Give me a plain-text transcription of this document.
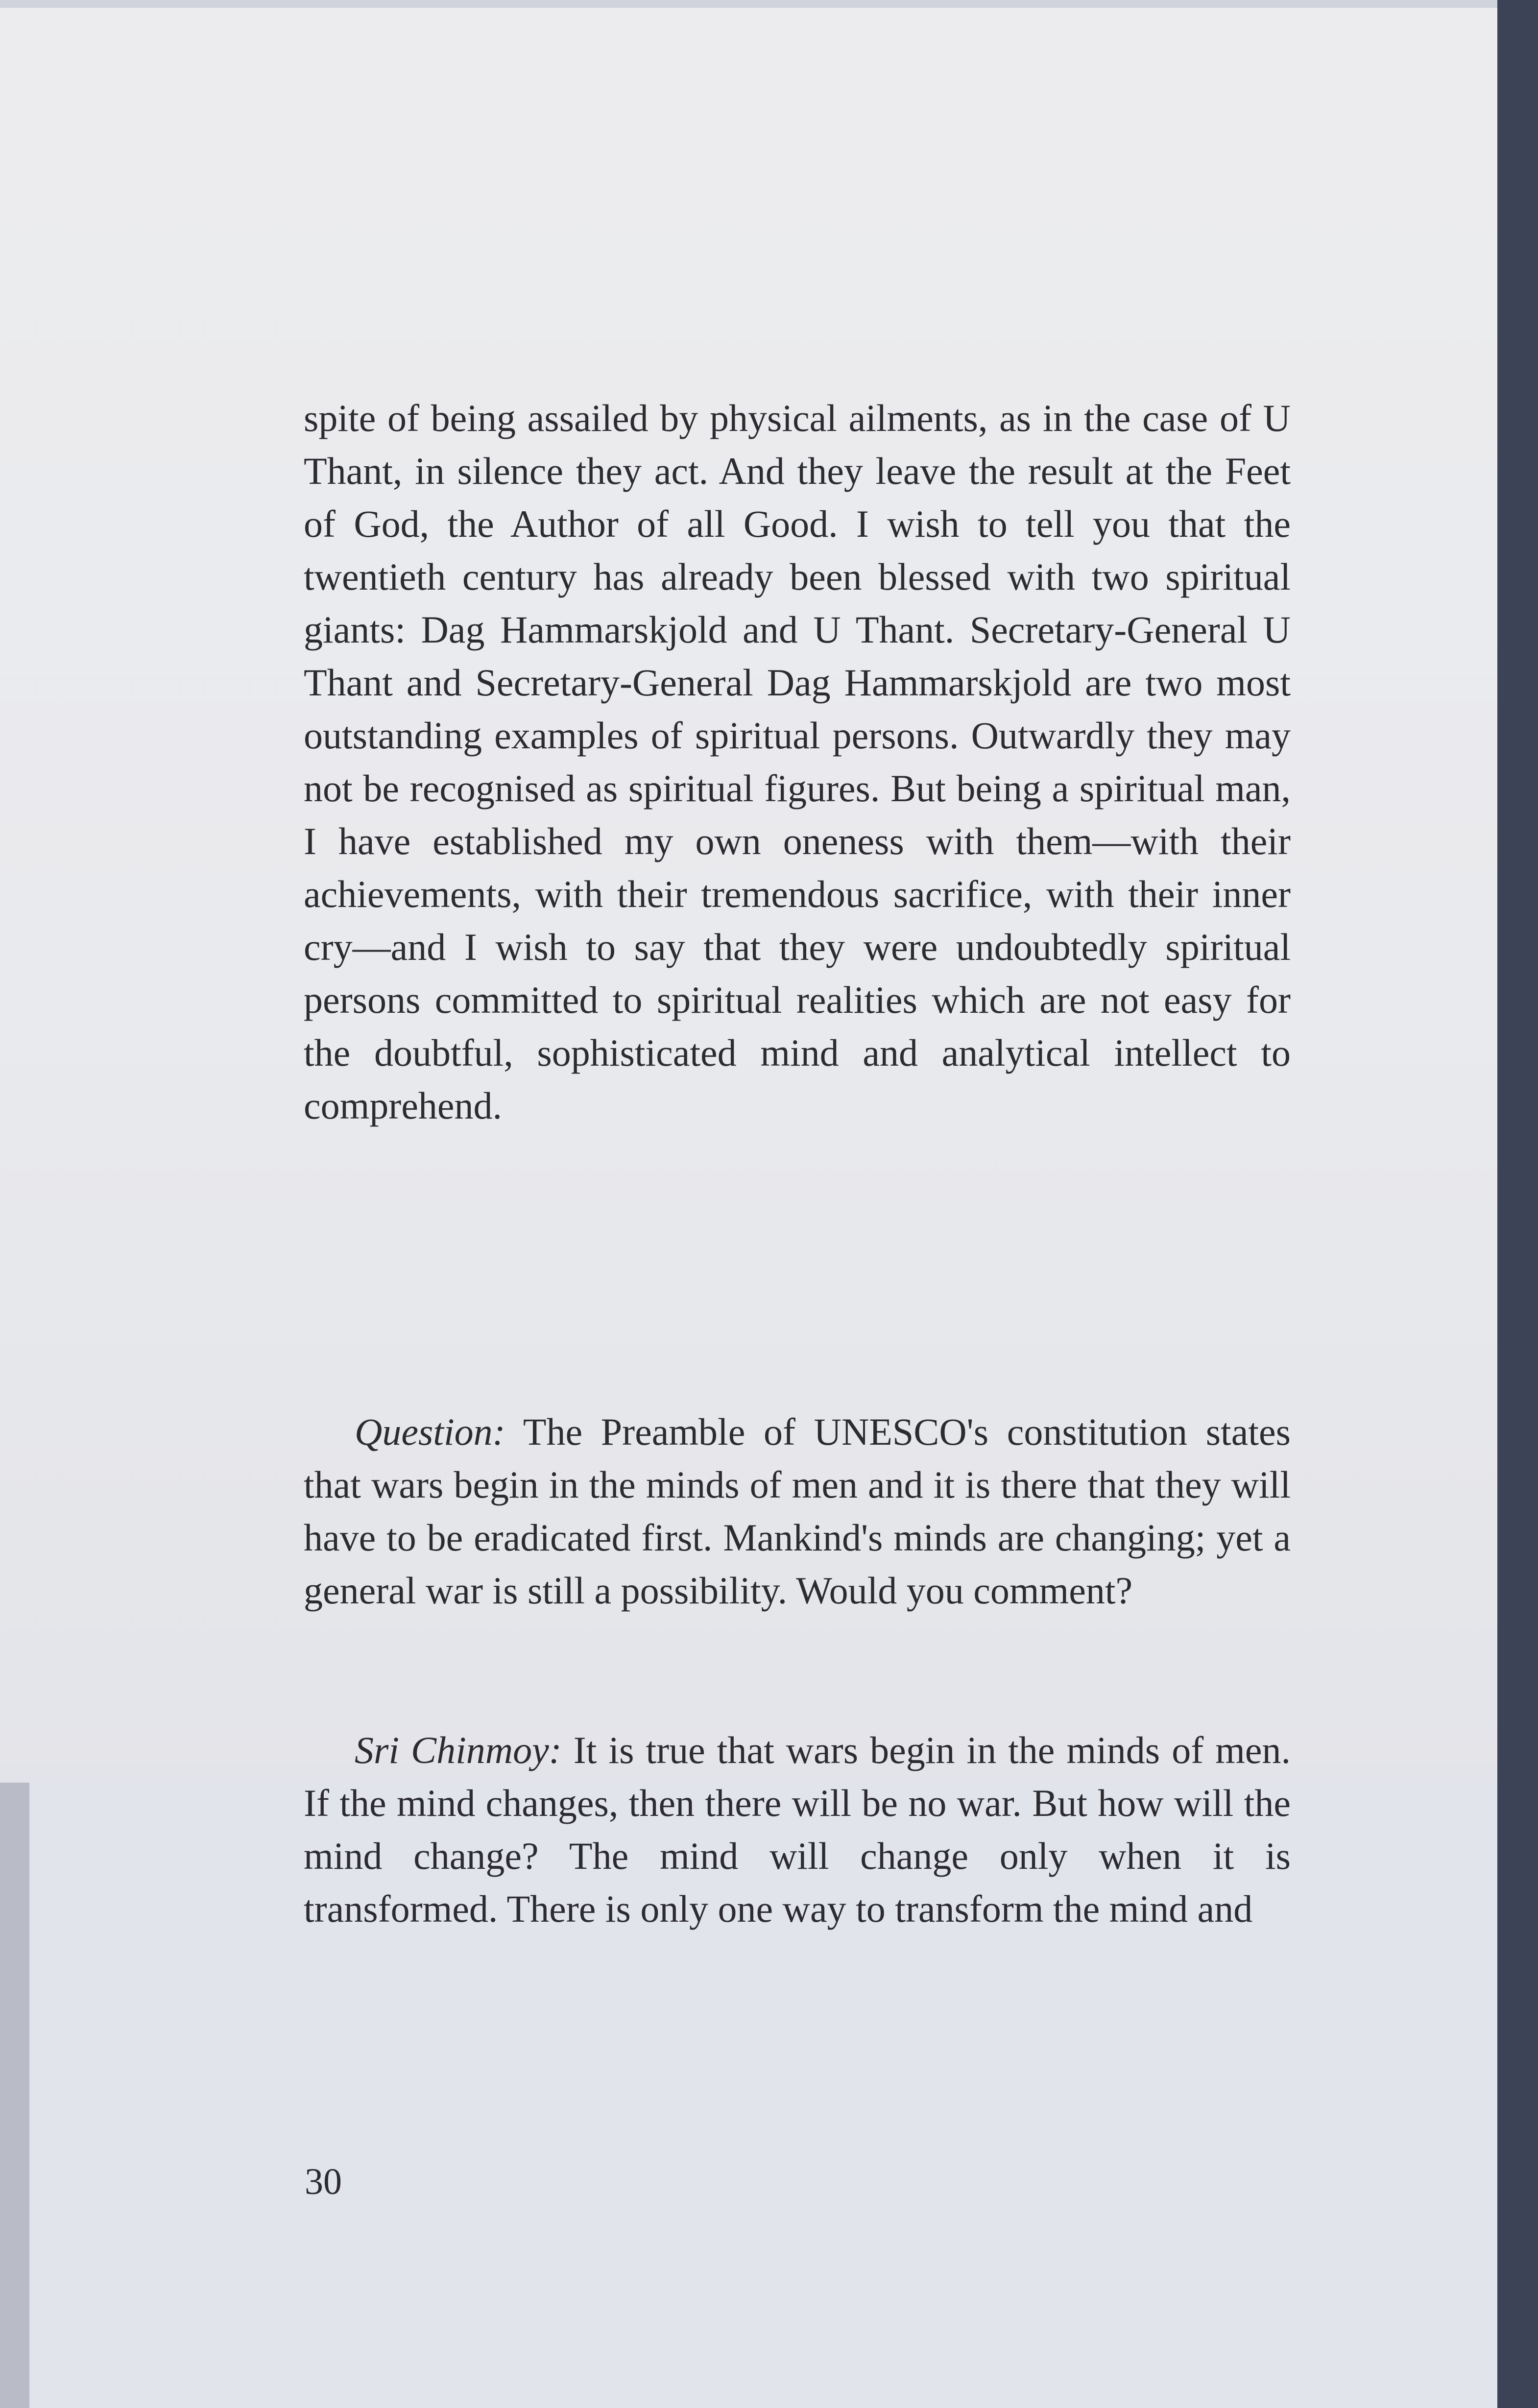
spite of being assailed by physical ailments, as in the case of U Thant, in silence they act. And they leave the result at the Feet of God, the Author of all Good. I wish to tell you that the twentieth century has already been blessed with two spiritual giants: Dag Hammarskjold and U Thant. Secretary-General U Thant and Secretary-General Dag Hammarskjold are two most outstanding examples of spiritual persons. Outwardly they may not be recognised as spiritual figures. But being a spiritual man, I have established my own oneness with them—with their achievements, with their tremendous sacrifice, with their inner cry—and I wish to say that they were undoubtedly spiritual persons committed to spiritual realities which are not easy for the doubtful, sophisticated mind and analytical intellect to comprehend.
Question: The Preamble of UNESCO's constitution states that wars begin in the minds of men and it is there that they will have to be eradicated first. Mankind's minds are changing; yet a general war is still a possibility. Would you comment?
Sri Chinmoy: It is true that wars begin in the minds of men. If the mind changes, then there will be no war. But how will the mind change? The mind will change only when it is transformed. There is only one way to transform the mind and
30
